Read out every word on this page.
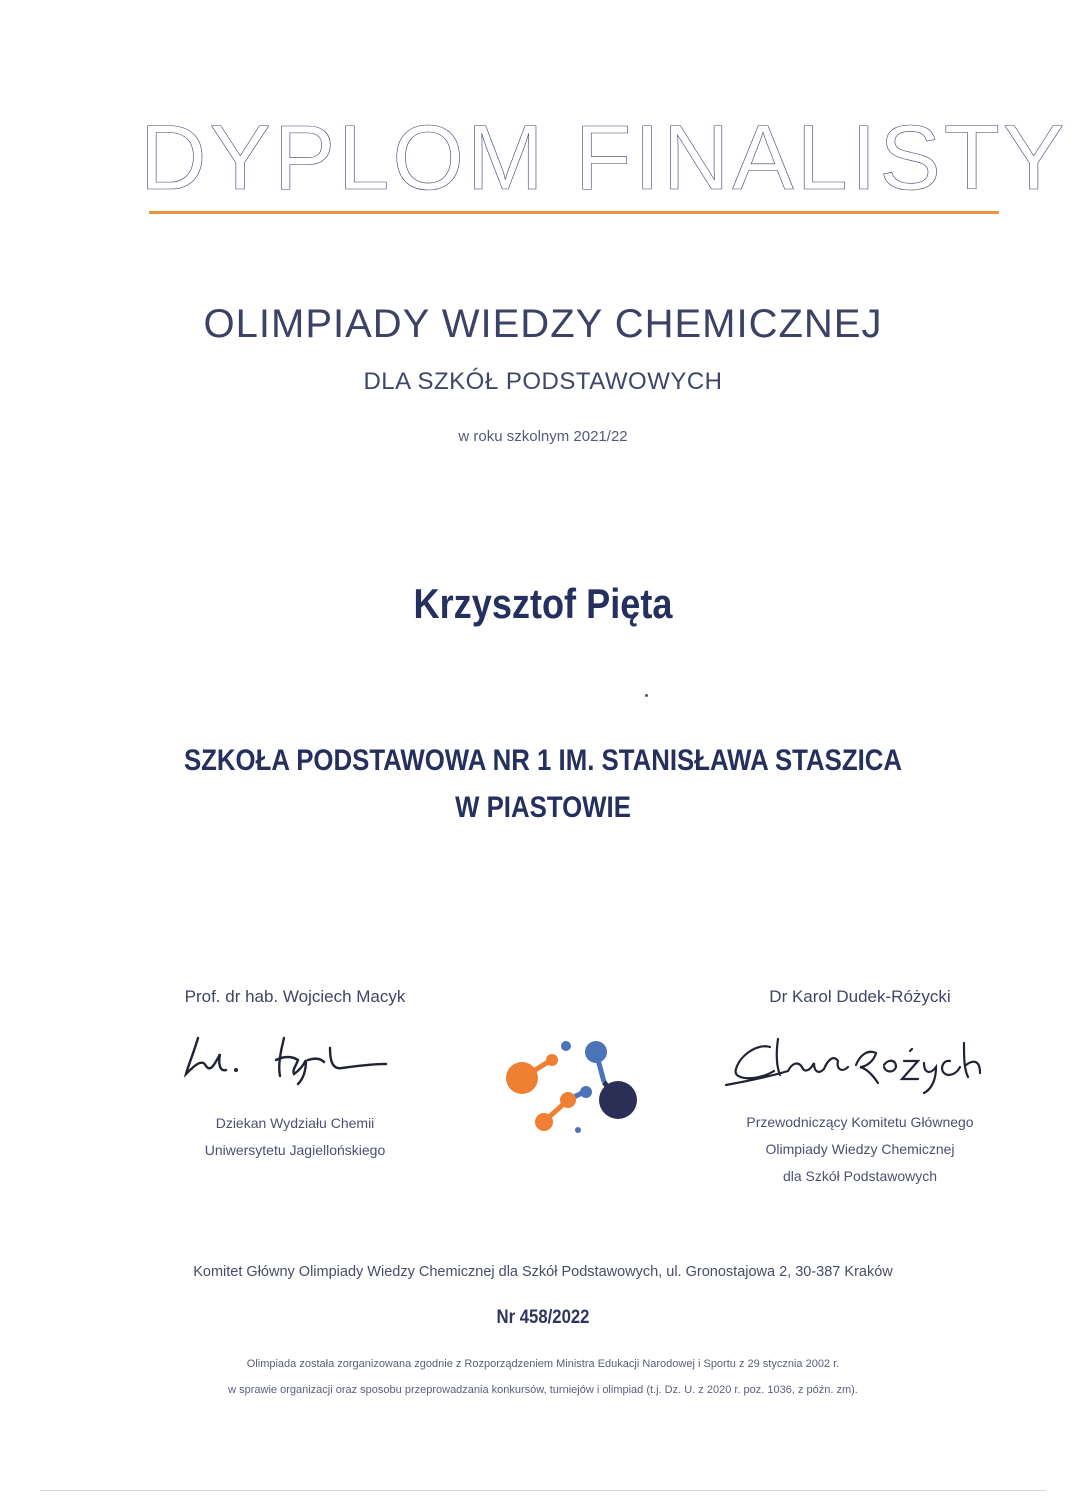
DYPLOM FINALISTY
OLIMPIADY WIEDZY CHEMICZNEJ
DLA SZKÓŁ PODSTAWOWYCH
w roku szkolnym 2021/22
Krzysztof Pięta
SZKOŁA PODSTAWOWA NR 1 IM. STANISŁAWA STASZICA
W PIASTOWIE
Prof. dr hab. Wojciech Macyk
Dziekan Wydziału Chemii
Uniwersytetu Jagiellońskiego
Dr Karol Dudek-Różycki
Przewodniczący Komitetu Głównego
Olimpiady Wiedzy Chemicznej
dla Szkół Podstawowych
Komitet Główny Olimpiady Wiedzy Chemicznej dla Szkół Podstawowych, ul. Gronostajowa 2, 30-387 Kraków
Nr 458/2022
Olimpiada została zorganizowana zgodnie z Rozporządzeniem Ministra Edukacji Narodowej i Sportu z 29 stycznia 2002 r.
w sprawie organizacji oraz sposobu przeprowadzania konkursów, turniejów i olimpiad (t.j. Dz. U. z 2020 r. poz. 1036, z późn. zm).
